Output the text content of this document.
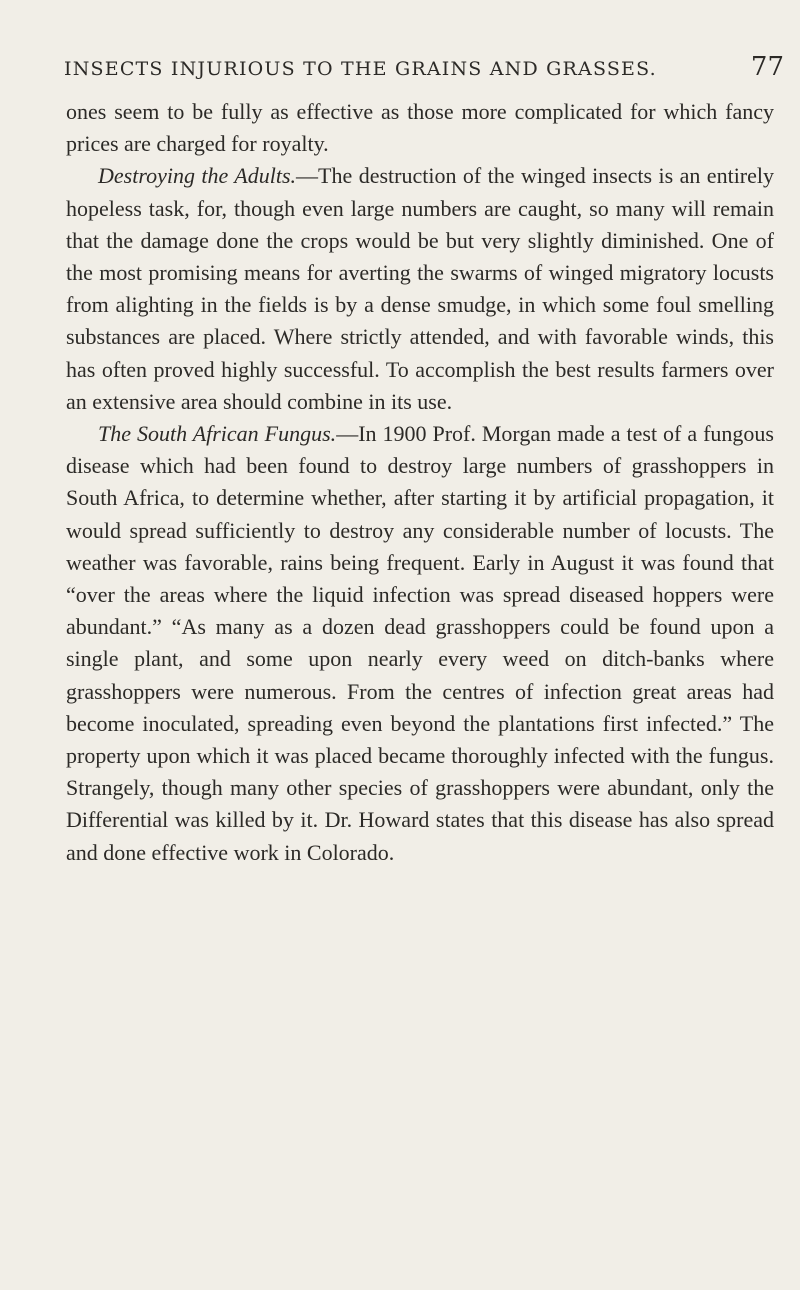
INSECTS INJURIOUS TO THE GRAINS AND GRASSES.	77

ones seem to be fully as effective as those more complicated for which fancy prices are charged for royalty.

Destroying the Adults.—The destruction of the winged insects is an entirely hopeless task, for, though even large numbers are caught, so many will remain that the damage done the crops would be but very slightly diminished. One of the most promising means for averting the swarms of winged migratory locusts from alighting in the fields is by a dense smudge, in which some foul smelling substances are placed. Where strictly attended, and with favorable winds, this has often proved highly successful. To accomplish the best results farmers over an extensive area should combine in its use.

The South African Fungus.—In 1900 Prof. Morgan made a test of a fungous disease which had been found to destroy large numbers of grasshoppers in South Africa, to determine whether, after starting it by artificial propagation, it would spread sufficiently to destroy any considerable number of locusts. The weather was favorable, rains being frequent. Early in August it was found that “over the areas where the liquid infection was spread diseased hoppers were abundant.” “As many as a dozen dead grasshoppers could be found upon a single plant, and some upon nearly every weed on ditch-banks where grasshoppers were numerous. From the centres of infection great areas had become inoculated, spreading even beyond the plantations first infected.” The property upon which it was placed became thoroughly infected with the fungus. Strangely, though many other species of grasshoppers were abundant, only the Differential was killed by it. Dr. Howard states that this disease has also spread and done effective work in Colorado.
